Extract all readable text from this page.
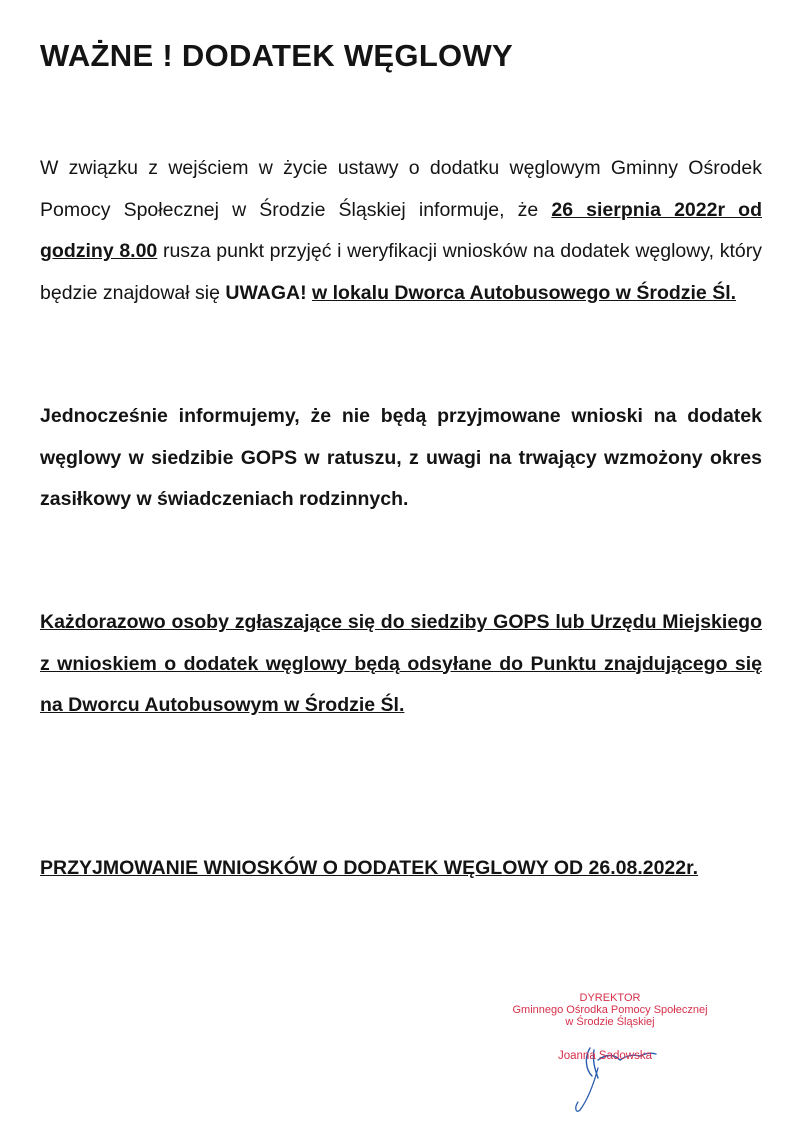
WAŻNE ! DODATEK WĘGLOWY

W związku z wejściem w życie ustawy o dodatku węglowym Gminny Ośrodek Pomocy Społecznej w Środzie Śląskiej informuje, że 26 sierpnia 2022r od godziny 8.00 rusza punkt przyjęć i weryfikacji wniosków na dodatek węglowy, który będzie znajdował się UWAGA! w lokalu Dworca Autobusowego w Środzie Śl.

Jednocześnie informujemy, że nie będą przyjmowane wnioski na dodatek węglowy w siedzibie GOPS w ratuszu, z uwagi na trwający wzmożony okres zasiłkowy w świadczeniach rodzinnych.

Każdorazowo osoby zgłaszające się do siedziby GOPS lub Urzędu Miejskiego z wnioskiem o dodatek węglowy będą odsyłane do Punktu znajdującego się na Dworcu Autobusowym w Środzie Śl.

PRZYJMOWANIE WNIOSKÓW O DODATEK WĘGLOWY OD 26.08.2022r.

DYREKTOR
Gminnego Ośrodka Pomocy Społecznej
w Środzie Śląskiej
Joanna Sadowska
